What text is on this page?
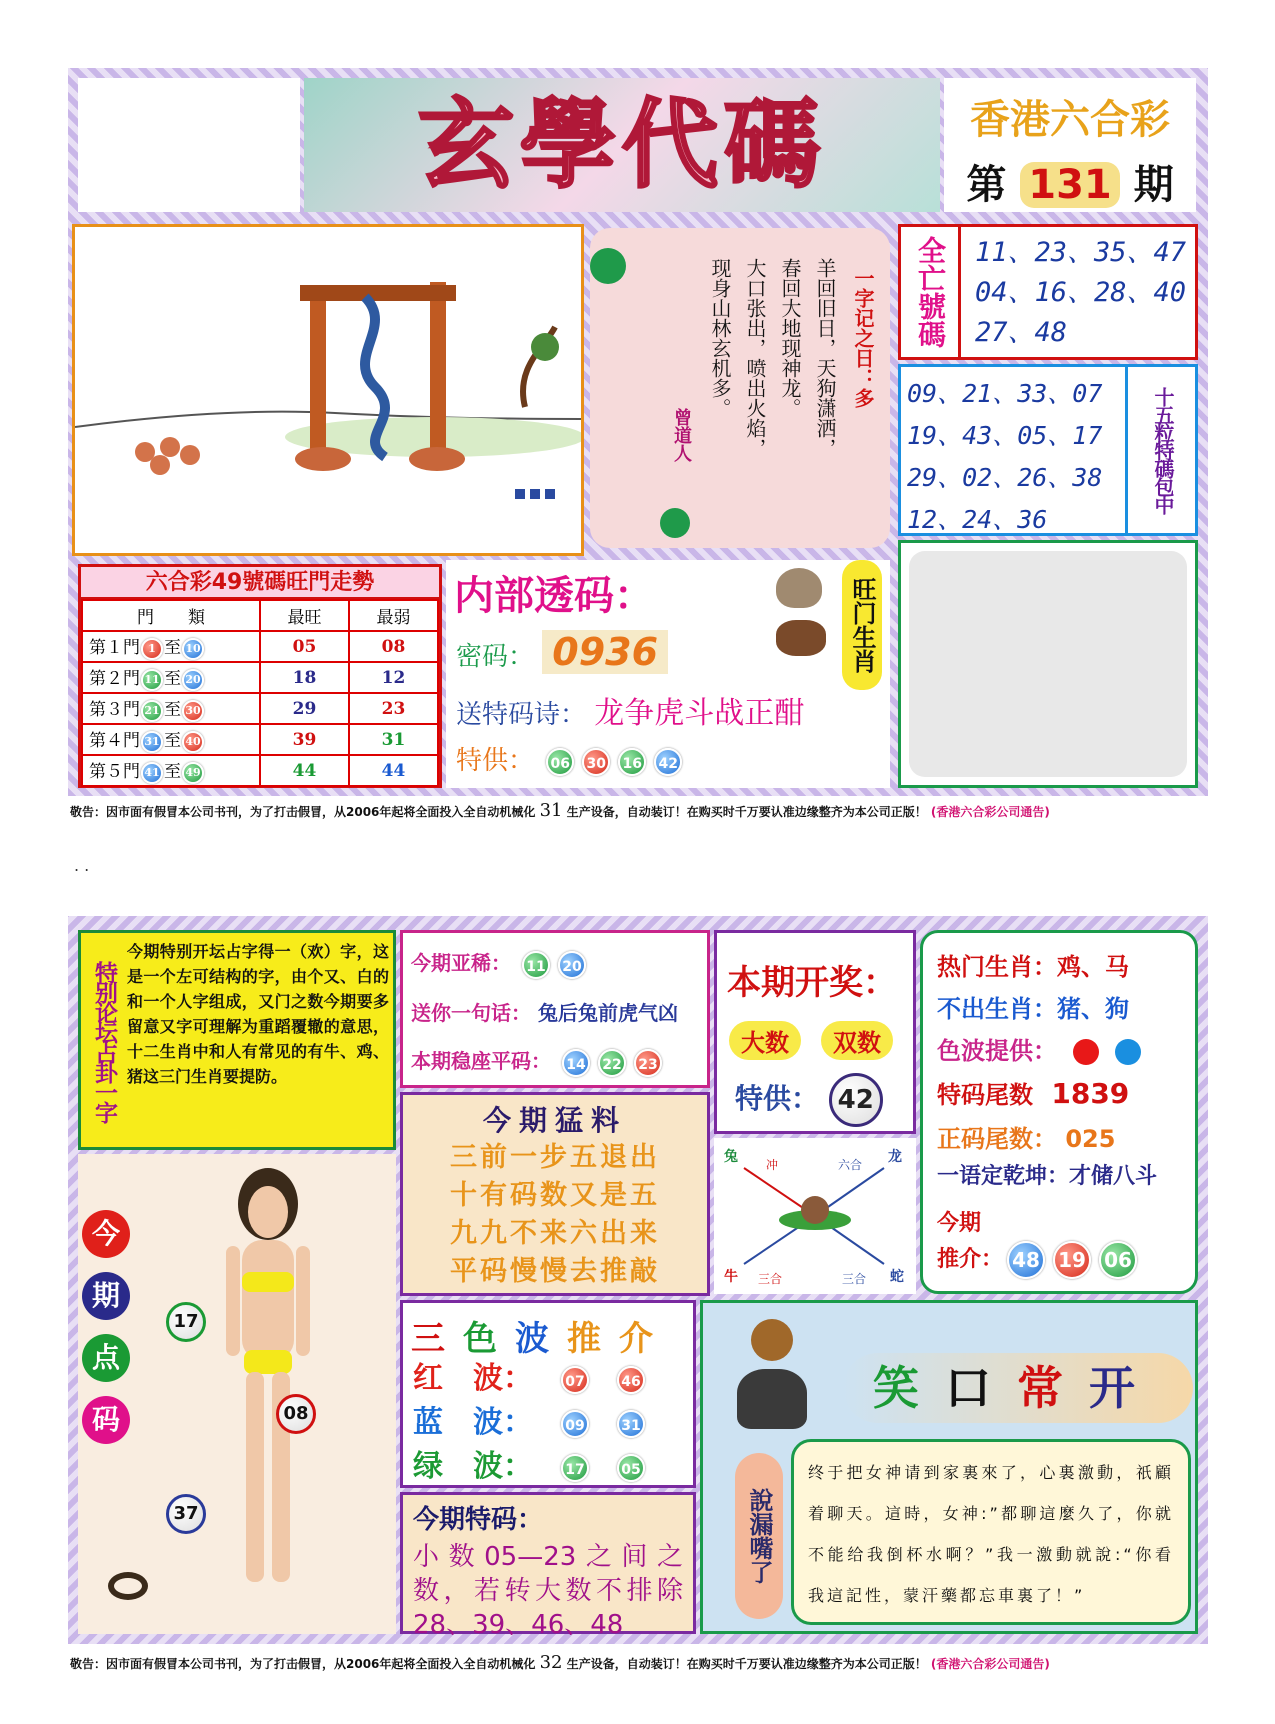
玄學代碼	香港六合彩
第 131 期
一字记之日：多
羊回旧日，天狗潇洒，
春回大地现神龙。
大口张出，喷出火焰，
现身山林玄机多。
曾道人
全亡號碼	11、23、35、47
04、16、28、40
27、48
09、21、33、07
19、43、05、17
29、02、26、38
12、24、36
十五粒特碼包中
六合彩49號碼旺門走勢
門　　類	最旺	最弱
第１門 1 至 10	05	08
第２門 11 至 20	18	12
第３門 21 至 30	29	23
第４門 31 至 40	39	31
第５門 41 至 49	44	44
内部透码：
密码： 0936
送特码诗： 龙争虎斗战正酣
特供： 06 30 16 42
旺门生肖
敬告：因市面有假冒本公司书刊，为了打击假冒，从2006年起将全面投入全自动机械化 31 生产设备，自动装订！在购买时千万要认准边缘整齐为本公司正版！ (香港六合彩公司通告)
. .
特别论坛占卦一字
今期特别开坛占字得一（欢）字，这是一个左可结构的字，由个又、白的和一个人字组成，又门之数今期要多留意又字可理解为重蹈覆辙的意思，十二生肖中和人有常见的有牛、鸡、猪这三门生肖要提防。
今期亚稀： 11 20
送你一句话： 兔后兔前虎气凶
本期稳座平码： 14 22 23
本期开奖：
大数	双数
特供： 42
热门生肖：鸡、马
不出生肖：猪、狗
色波提供：
特码尾数 1839
正码尾数： 025
一语定乾坤：才储八斗
今期
推介： 48 19 06
今期猛料
三前一步五退出
十有码数又是五
九九不来六出来
平码慢慢去推敲
兔 冲	六合 龙
牛 三合	三合 蛇
今
期
点
码
17
08
37
三色波推介
红　波： 07	46
蓝　波： 09	31
绿　波： 17	05
今期特码：
小数05—23之间之数，若转大数不排除28、39、46、48
笑口常开
說漏嘴了
终于把女神请到家裏來了，心裏激動，祇顧着聊天。這時，女神:”都聊這麼久了，你就不能给我倒杯水啊？”我一激動就說:“你看我這記性，蒙汗藥都忘車裏了！”
敬告：因市面有假冒本公司书刊，为了打击假冒，从2006年起将全面投入全自动机械化 32 生产设备，自动装订！在购买时千万要认准边缘整齐为本公司正版！ (香港六合彩公司通告)
